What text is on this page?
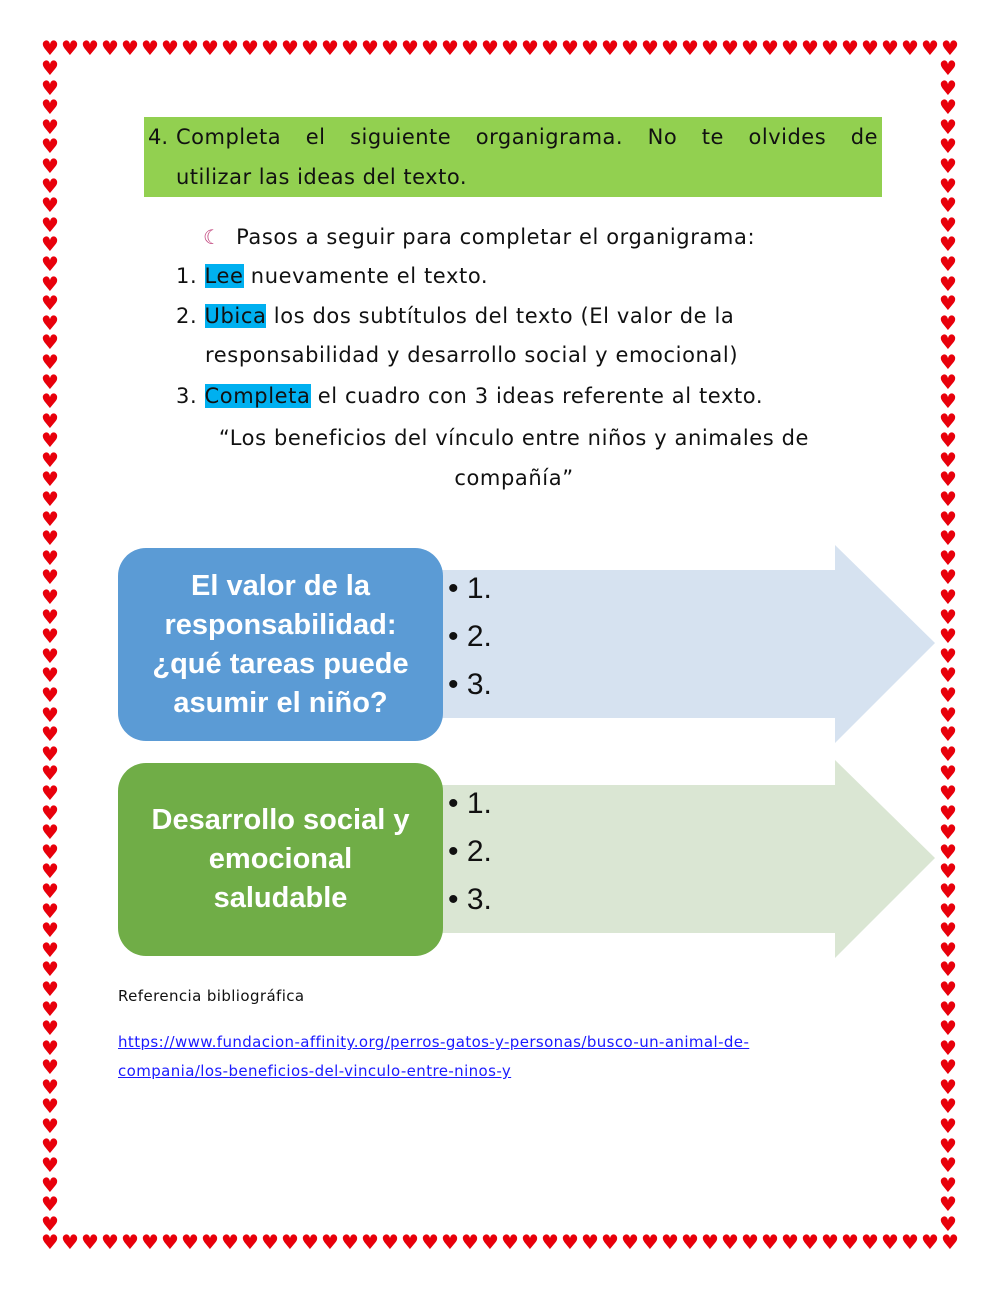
♥ ♥ ♥ ♥ ♥ ♥ ♥ ♥ ♥ ♥ ♥ ♥ ♥ ♥ ♥ ♥ ♥ ♥ ♥ ♥ ♥ ♥ ♥ ♥ ♥ ♥ ♥ ♥ ♥ ♥ ♥ ♥ ♥ ♥ ♥ ♥ ♥ ♥ ♥ ♥ ♥ ♥ ♥ ♥ ♥ ♥
♥ ♥ ♥ ♥ ♥ ♥ ♥ ♥ ♥ ♥ ♥ ♥ ♥ ♥ ♥ ♥ ♥ ♥ ♥ ♥ ♥ ♥ ♥ ♥ ♥ ♥ ♥ ♥ ♥ ♥ ♥ ♥ ♥ ♥ ♥ ♥ ♥ ♥ ♥ ♥ ♥ ♥ ♥ ♥ ♥ ♥
♥
♥
♥
♥
♥
♥
♥
♥
♥
♥
♥
♥
♥
♥
♥
♥
♥
♥
♥
♥
♥
♥
♥
♥
♥
♥
♥
♥
♥
♥
♥
♥
♥
♥
♥
♥
♥
♥
♥
♥
♥
♥
♥
♥
♥
♥
♥
♥
♥
♥
♥
♥
♥
♥
♥
♥
♥
♥
♥
♥
♥
♥
♥
♥
♥
♥
♥
♥
♥
♥
♥
♥
♥
♥
♥
♥
♥
♥
♥
♥
♥
♥
♥
♥
♥
♥
♥
♥
♥
♥
♥
♥
♥
♥
♥
♥
♥
♥
♥
♥
♥
♥
♥
♥
♥
♥
♥
♥
♥
♥
♥
♥
♥
♥
♥
♥
♥
♥
♥
♥
4. Completa el siguiente organigrama. No te olvides de
utilizar las ideas del texto.
☾ Pasos a seguir para completar el organigrama:
1. Lee nuevamente el texto.
2. Ubica los dos subtítulos del texto (El valor de la
responsabilidad y desarrollo social y emocional)
3. Completa el cuadro con 3 ideas referente al texto.
“Los beneficios del vínculo entre niños y animales de
compañía”
El valor de la responsabilidad: ¿qué tareas puede asumir el niño?
• 1.
• 2.
• 3.
Desarrollo social y emocional saludable
• 1.
• 2.
• 3.
Referencia bibliográfica
https://www.fundacion-affinity.org/perros-gatos-y-personas/busco-un-animal-de-
compania/los-beneficios-del-vinculo-entre-ninos-y
